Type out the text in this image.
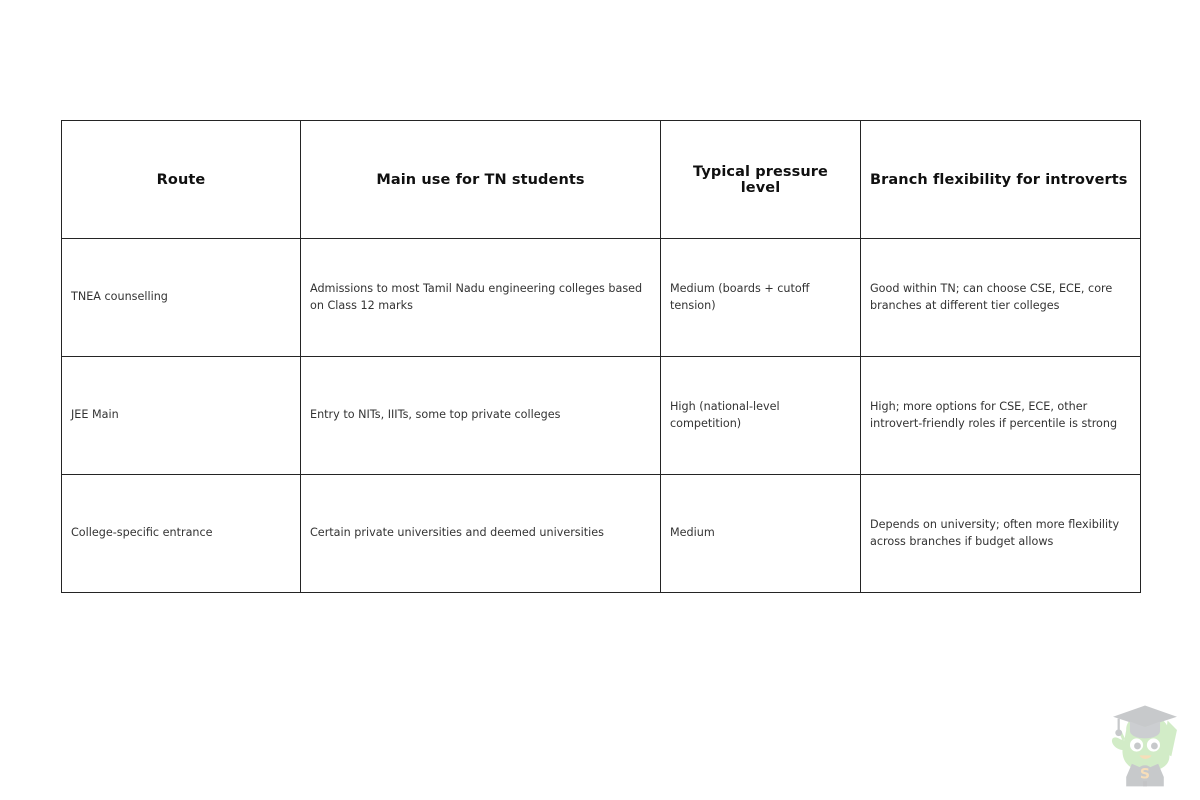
Route	Main use for TN students	Typical pressure level	Branch flexibility for introverts

TNEA counselling	Admissions to most Tamil Nadu engineering colleges based on Class 12 marks	Medium (boards + cutoff tension)	Good within TN; can choose CSE, ECE, core branches at different tier colleges

JEE Main	Entry to NITs, IIITs, some top private colleges	High (national-level competition)	High; more options for CSE, ECE, other introvert-friendly roles if percentile is strong

College-specific entrance	Certain private universities and deemed universities	Medium	Depends on university; often more flexibility across branches if budget allows
S
